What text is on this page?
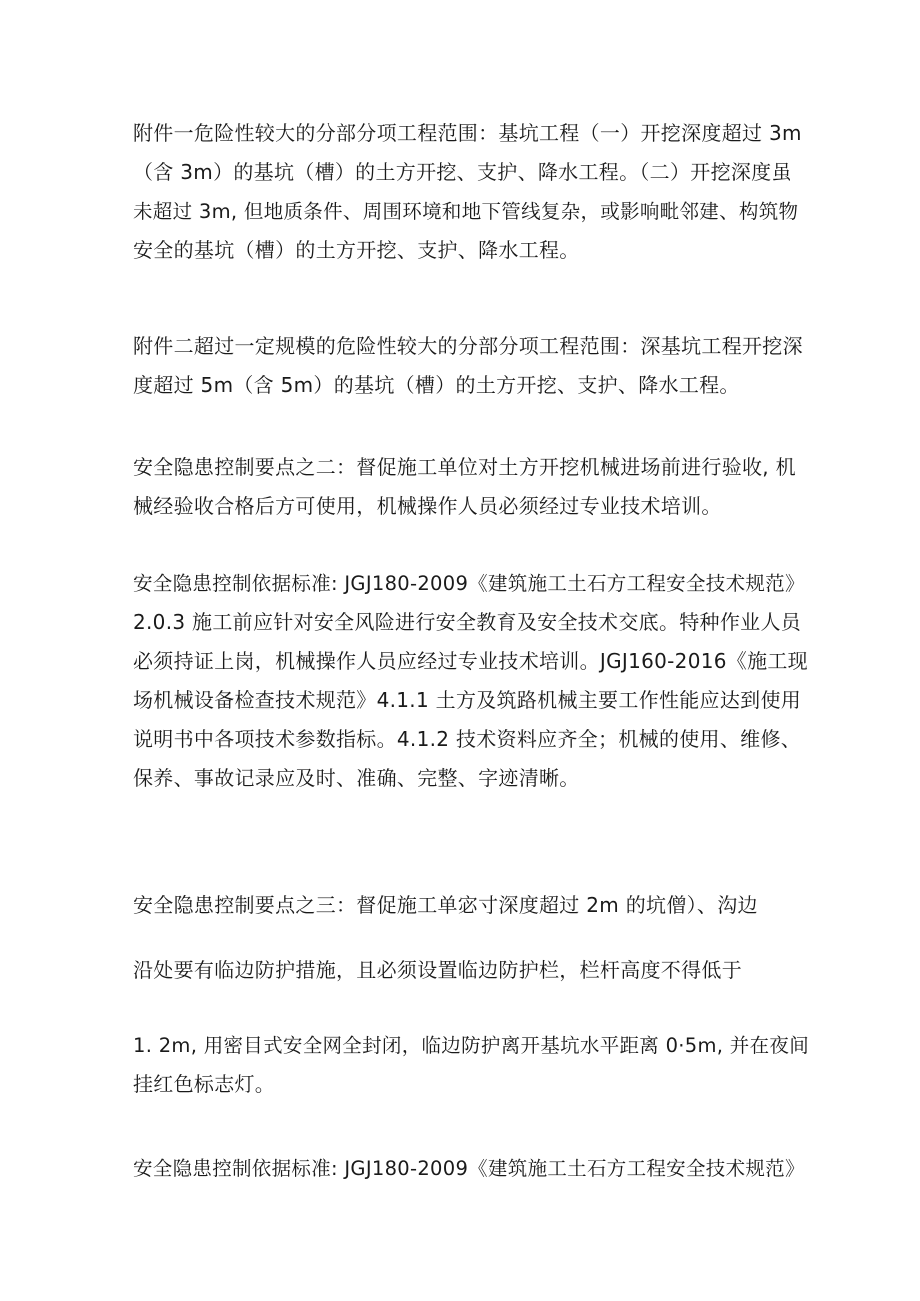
附件一危险性较大的分部分项工程范围：基坑工程（一）开挖深度超过 3m
（含 3m）的基坑（槽）的土方开挖、支护、降水工程。（二）开挖深度虽
未超过 3m, 但地质条件、周围环境和地下管线复杂，或影响毗邻建、构筑物
安全的基坑（槽）的土方开挖、支护、降水工程。

附件二超过一定规模的危险性较大的分部分项工程范围：深基坑工程开挖深
度超过 5m（含 5m）的基坑（槽）的土方开挖、支护、降水工程。

安全隐患控制要点之二：督促施工单位对土方开挖机械进场前进行验收, 机
械经验收合格后方可使用，机械操作人员必须经过专业技术培训。

安全隐患控制依据标准: JGJ180-2009《建筑施工土石方工程安全技术规范》
2.0.3 施工前应针对安全风险进行安全教育及安全技术交底。特种作业人员
必须持证上岗，机械操作人员应经过专业技术培训。JGJ160-2016《施工现
场机械设备检查技术规范》4.1.1 土方及筑路机械主要工作性能应达到使用
说明书中各项技术参数指标。4.1.2 技术资料应齐全；机械的使用、维修、
保养、事故记录应及时、准确、完整、字迹清晰。

安全隐患控制要点之三：督促施工单宓寸深度超过 2m 的坑僧）、沟边

沿处要有临边防护措施，且必须设置临边防护栏，栏杆高度不得低于

1. 2m, 用密目式安全网全封闭，临边防护离开基坑水平距离 0·5m, 并在夜间
挂红色标志灯。

安全隐患控制依据标准: JGJ180-2009《建筑施工土石方工程安全技术规范》
